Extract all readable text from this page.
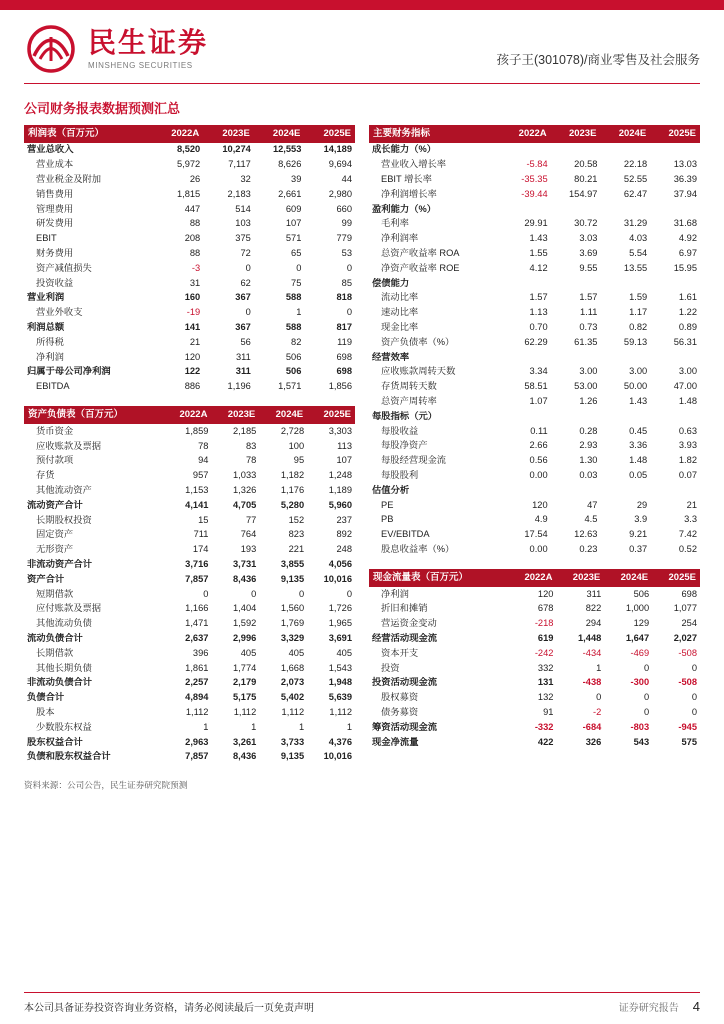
民生证券
MINSHENG SECURITIES	孩子王(301078)/商业零售及社会服务
公司财务报表数据预测汇总
利润表（百万元）	2022A	2023E	2024E	2025E
营业总收入	8,520	10,274	12,553	14,189
营业成本	5,972	7,117	8,626	9,694
营业税金及附加	26	32	39	44
销售费用	1,815	2,183	2,661	2,980
管理费用	447	514	609	660
研发费用	88	103	107	99
EBIT	208	375	571	779
财务费用	88	72	65	53
资产减值损失	-3	0	0	0
投资收益	31	62	75	85
营业利润	160	367	588	818
营业外收支	-19	0	1	0
利润总额	141	367	588	817
所得税	21	56	82	119
净利润	120	311	506	698
归属于母公司净利润	122	311	506	698
EBITDA	886	1,196	1,571	1,856
资产负债表（百万元）	2022A	2023E	2024E	2025E
货币资金	1,859	2,185	2,728	3,303
应收账款及票据	78	83	100	113
预付款项	94	78	95	107
存货	957	1,033	1,182	1,248
其他流动资产	1,153	1,326	1,176	1,189
流动资产合计	4,141	4,705	5,280	5,960
长期股权投资	15	77	152	237
固定资产	711	764	823	892
无形资产	174	193	221	248
非流动资产合计	3,716	3,731	3,855	4,056
资产合计	7,857	8,436	9,135	10,016
短期借款	0	0	0	0
应付账款及票据	1,166	1,404	1,560	1,726
其他流动负债	1,471	1,592	1,769	1,965
流动负债合计	2,637	2,996	3,329	3,691
长期借款	396	405	405	405
其他长期负债	1,861	1,774	1,668	1,543
非流动负债合计	2,257	2,179	2,073	1,948
负债合计	4,894	5,175	5,402	5,639
股本	1,112	1,112	1,112	1,112
少数股东权益	1	1	1	1
股东权益合计	2,963	3,261	3,733	4,376
负债和股东权益合计	7,857	8,436	9,135	10,016
主要财务指标	2022A	2023E	2024E	2025E
成长能力（%）				
营业收入增长率	-5.84	20.58	22.18	13.03
EBIT 增长率	-35.35	80.21	52.55	36.39
净利润增长率	-39.44	154.97	62.47	37.94
盈利能力（%）				
毛利率	29.91	30.72	31.29	31.68
净利润率	1.43	3.03	4.03	4.92
总资产收益率 ROA	1.55	3.69	5.54	6.97
净资产收益率 ROE	4.12	9.55	13.55	15.95
偿债能力				
流动比率	1.57	1.57	1.59	1.61
速动比率	1.13	1.11	1.17	1.22
现金比率	0.70	0.73	0.82	0.89
资产负债率（%）	62.29	61.35	59.13	56.31
经营效率				
应收账款周转天数	3.34	3.00	3.00	3.00
存货周转天数	58.51	53.00	50.00	47.00
总资产周转率	1.07	1.26	1.43	1.48
每股指标（元）				
每股收益	0.11	0.28	0.45	0.63
每股净资产	2.66	2.93	3.36	3.93
每股经营现金流	0.56	1.30	1.48	1.82
每股股利	0.00	0.03	0.05	0.07
估值分析				
PE	120	47	29	21
PB	4.9	4.5	3.9	3.3
EV/EBITDA	17.54	12.63	9.21	7.42
股息收益率（%）	0.00	0.23	0.37	0.52
现金流量表（百万元）	2022A	2023E	2024E	2025E
净利润	120	311	506	698
折旧和摊销	678	822	1,000	1,077
营运资金变动	-218	294	129	254
经营活动现金流	619	1,448	1,647	2,027
资本开支	-242	-434	-469	-508
投资	332	1	0	0
投资活动现金流	131	-438	-300	-508
股权募资	132	0	0	0
债务募资	91	-2	0	0
筹资活动现金流	-332	-684	-803	-945
现金净流量	422	326	543	575
资料来源：公司公告，民生证券研究院预测
本公司具备证券投资咨询业务资格，请务必阅读最后一页免责声明	证券研究报告 4
